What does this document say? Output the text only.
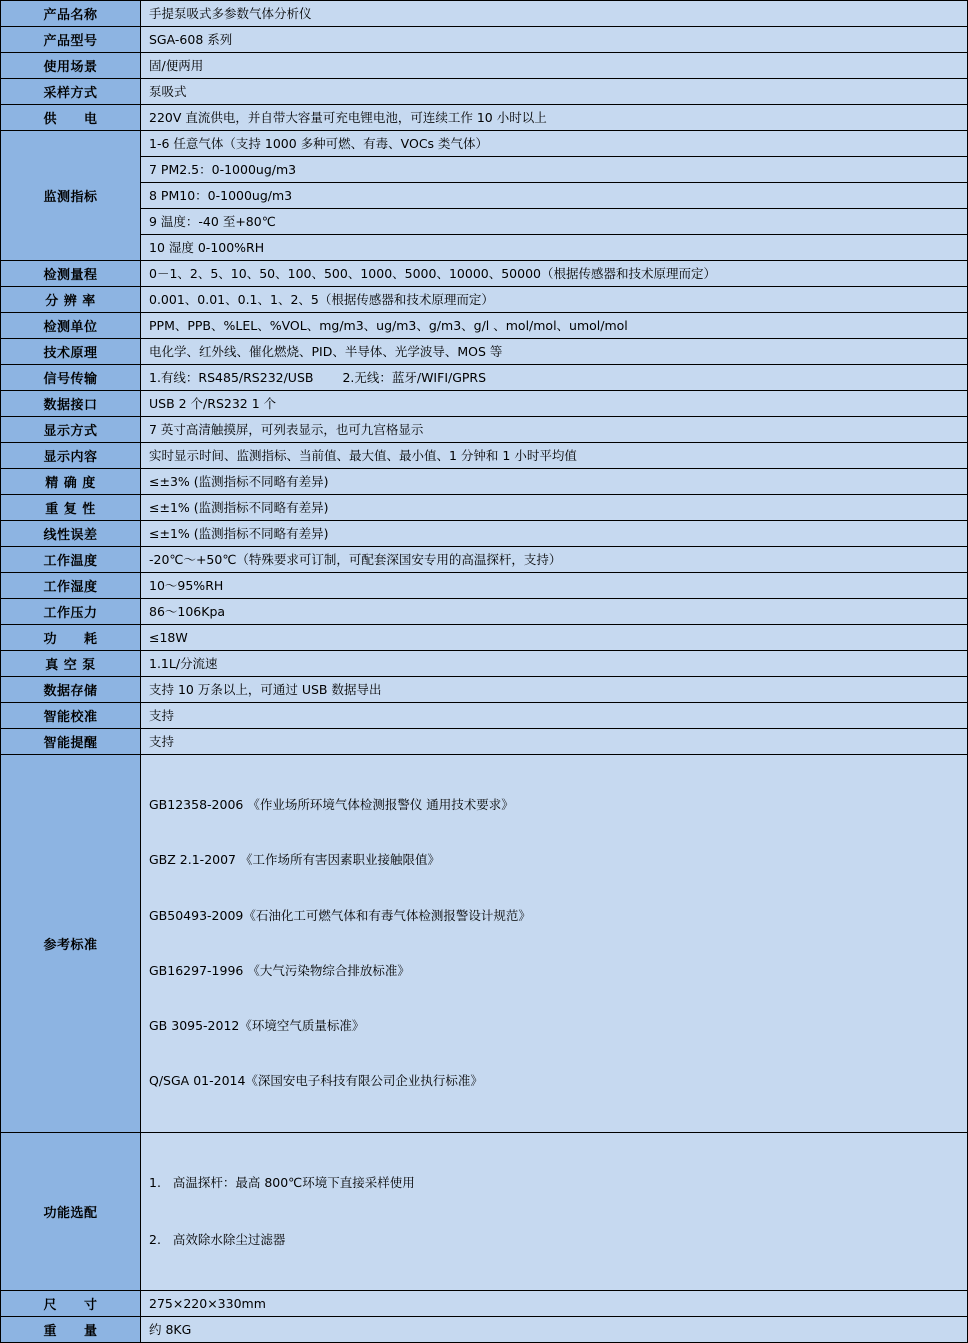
产品名称	手提泵吸式多参数气体分析仪
产品型号	SGA-608 系列
使用场景	固/便两用
采样方式	泵吸式
供　　电	220V 直流供电，并自带大容量可充电锂电池，可连续工作 10 小时以上
监测指标	1-6 任意气体（支持 1000 多种可燃、有毒、VOCs 类气体）
	7 PM2.5：0-1000ug/m3
	8 PM10：0-1000ug/m3
	9 温度：-40 至+80℃
	10 湿度 0-100%RH
检测量程	0－1、2、5、10、50、100、500、1000、5000、10000、50000（根据传感器和技术原理而定）
分 辨 率	0.001、0.01、0.1、1、2、5（根据传感器和技术原理而定）
检测单位	PPM、PPB、%LEL、%VOL、mg/m3、ug/m3、g/m3、g/l 、mol/mol、umol/mol
技术原理	电化学、红外线、催化燃烧、PID、半导体、光学波导、MOS 等
信号传输	1.有线：RS485/RS232/USB　　 2.无线：蓝牙/WIFI/GPRS
数据接口	USB 2 个/RS232 1 个
显示方式	7 英寸高清触摸屏，可列表显示，也可九宫格显示
显示内容	实时显示时间、监测指标、当前值、最大值、最小值、1 分钟和 1 小时平均值
精 确 度	≤±3% (监测指标不同略有差异)
重 复 性	≤±1% (监测指标不同略有差异)
线性误差	≤±1% (监测指标不同略有差异)
工作温度	-20℃～+50℃（特殊要求可订制，可配套深国安专用的高温探杆，支持）
工作湿度	10～95%RH
工作压力	86～106Kpa
功　　耗	≤18W
真 空 泵	1.1L/分流速
数据存储	支持 10 万条以上，可通过 USB 数据导出
智能校准	支持
智能提醒	支持
参考标准	

GB12358-2006 《作业场所环境气体检测报警仪 通用技术要求》

GBZ 2.1-2007 《工作场所有害因素职业接触限值》

GB50493-2009《石油化工可燃气体和有毒气体检测报警设计规范》

GB16297-1996 《大气污染物综合排放标准》

GB 3095-2012《环境空气质量标准》

Q/SGA 01-2014《深国安电子科技有限公司企业执行标准》

功能选配	1.   高温探杆：最高 800℃环境下直接采样使用

2.   高效除水除尘过滤器

尺　　寸	275×220×330mm
重　　量	约 8KG
